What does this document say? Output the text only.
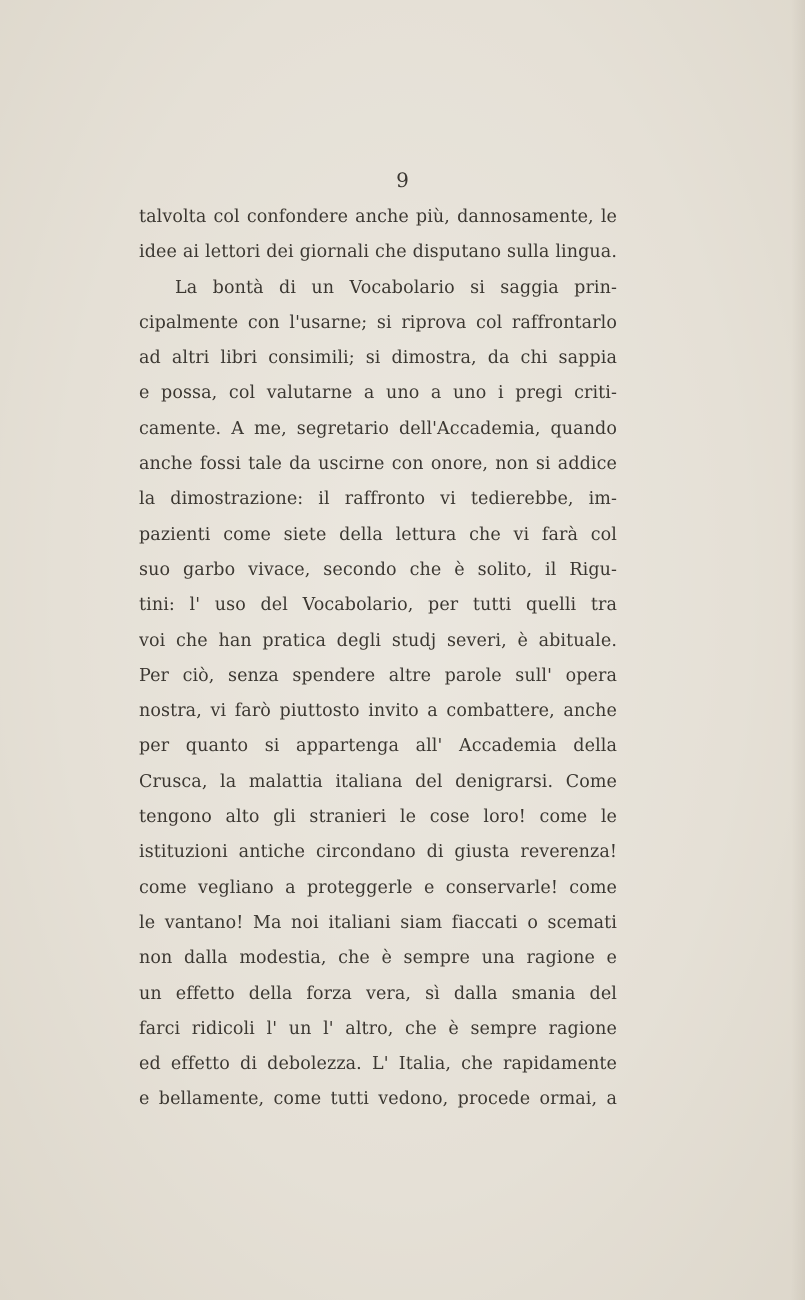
9
talvolta col confondere anche più, dannosamente, le
idee ai lettori dei giornali che disputano sulla lingua.
La bontà di un Vocabolario si saggia prin-
cipalmente con l'usarne; si riprova col raffrontarlo
ad altri libri consimili; si dimostra, da chi sappia
e possa, col valutarne a uno a uno i pregi criti-
camente. A me, segretario dell'Accademia, quando
anche fossi tale da uscirne con onore, non si addice
la dimostrazione: il raffronto vi tedierebbe, im-
pazienti come siete della lettura che vi farà col
suo garbo vivace, secondo che è solito, il Rigu-
tini: l' uso del Vocabolario, per tutti quelli tra
voi che han pratica degli studj severi, è abituale.
Per ciò, senza spendere altre parole sull' opera
nostra, vi farò piuttosto invito a combattere, anche
per quanto si appartenga all' Accademia della
Crusca, la malattia italiana del denigrarsi. Come
tengono alto gli stranieri le cose loro! come le
istituzioni antiche circondano di giusta reverenza!
come vegliano a proteggerle e conservarle! come
le vantano! Ma noi italiani siam fiaccati o scemati
non dalla modestia, che è sempre una ragione e
un effetto della forza vera, sì dalla smania del
farci ridicoli l' un l' altro, che è sempre ragione
ed effetto di debolezza. L' Italia, che rapidamente
e bellamente, come tutti vedono, procede ormai, a
